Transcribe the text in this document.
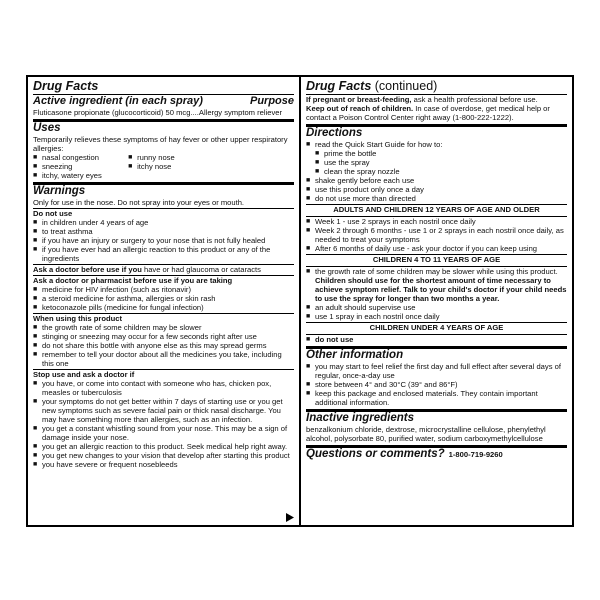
Drug Facts
Active ingredient (in each spray)	Purpose
Fluticasone propionate (glucocorticoid) 50 mcg....Allergy symptom reliever
Uses
Temporarily relieves these symptoms of hay fever or other upper respiratory allergies:
■ nasal congestion	■ runny nose
■ sneezing	■ itchy nose
■ itchy, watery eyes
Warnings
Only for use in the nose. Do not spray into your eyes or mouth.
Do not use
■ in children under 4 years of age
■ to treat asthma
■ if you have an injury or surgery to your nose that is not fully healed
■ if you have ever had an allergic reaction to this product or any of the ingredients
Ask a doctor before use if you have or had glaucoma or cataracts
Ask a doctor or pharmacist before use if you are taking
■ medicine for HIV infection (such as ritonavir)
■ a steroid medicine for asthma, allergies or skin rash
■ ketoconazole pills (medicine for fungal infection)
When using this product
■ the growth rate of some children may be slower
■ stinging or sneezing may occur for a few seconds right after use
■ do not share this bottle with anyone else as this may spread germs
■ remember to tell your doctor about all the medicines you take, including this one
Stop use and ask a doctor if
■ you have, or come into contact with someone who has, chicken pox, measles or tuberculosis
■ your symptoms do not get better within 7 days of starting use or you get new symptoms such as severe facial pain or thick nasal discharge. You may have something more than allergies, such as an infection.
■ you get a constant whistling sound from your nose. This may be a sign of damage inside your nose.
■ you get an allergic reaction to this product. Seek medical help right away.
■ you get new changes to your vision that develop after starting this product
■ you have severe or frequent nosebleeds
Drug Facts (continued)
If pregnant or breast-feeding, ask a health professional before use.
Keep out of reach of children. In case of overdose, get medical help or contact a Poison Control Center right away (1-800-222-1222).
Directions
■ read the Quick Start Guide for how to:
■ prime the bottle
■ use the spray
■ clean the spray nozzle
■ shake gently before each use
■ use this product only once a day
■ do not use more than directed
ADULTS AND CHILDREN 12 YEARS OF AGE AND OLDER
■ Week 1 - use 2 sprays in each nostril once daily
■ Week 2 through 6 months - use 1 or 2 sprays in each nostril once daily, as needed to treat your symptoms
■ After 6 months of daily use - ask your doctor if you can keep using
CHILDREN 4 TO 11 YEARS OF AGE
■ the growth rate of some children may be slower while using this product. Children should use for the shortest amount of time necessary to achieve symptom relief. Talk to your child's doctor if your child needs to use the spray for longer than two months a year.
■ an adult should supervise use
■ use 1 spray in each nostril once daily
CHILDREN UNDER 4 YEARS OF AGE
■ do not use
Other information
■ you may start to feel relief the first day and full effect after several days of regular, once-a-day use
■ store between 4° and 30°C (39° and 86°F)
■ keep this package and enclosed materials. They contain important additional information.
Inactive ingredients
benzalkonium chloride, dextrose, microcrystalline cellulose, phenylethyl alcohol, polysorbate 80, purified water, sodium carboxymethylcellulose
Questions or comments? 1-800-719-9260
